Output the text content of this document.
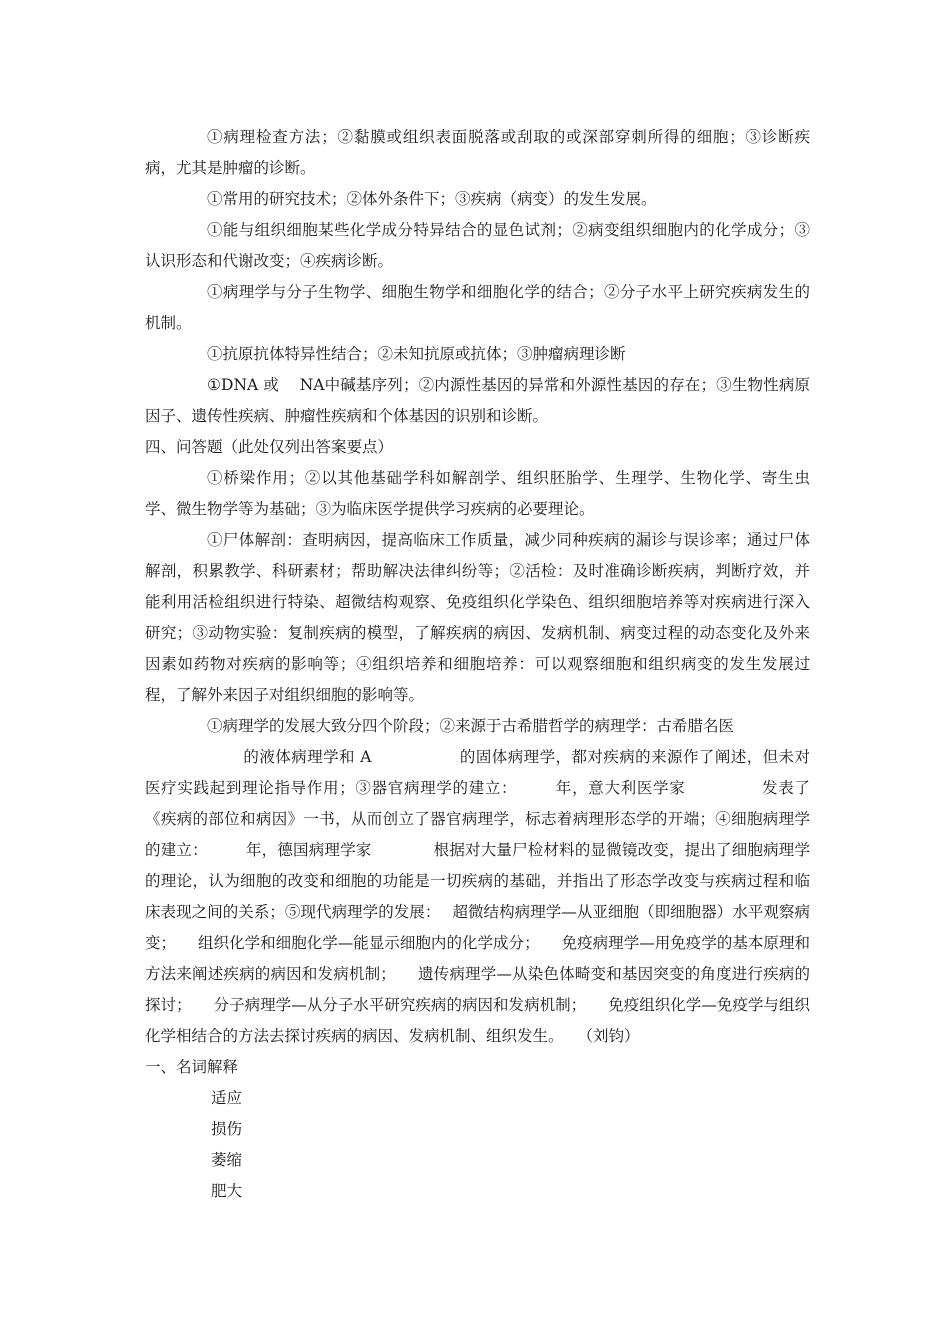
①病理检查方法；②黏膜或组织表面脱落或刮取的或深部穿刺所得的细胞；③诊断疾病，尤其是肿瘤的诊断。

①常用的研究技术；②体外条件下；③疾病（病变）的发生发展。

①能与组织细胞某些化学成分特异结合的显色试剂；②病变组织细胞内的化学成分；③认识形态和代谢改变；④疾病诊断。

①病理学与分子生物学、细胞生物学和细胞化学的结合；②分子水平上研究疾病发生的机制。

①抗原抗体特异性结合；②未知抗原或抗体；③肿瘤病理诊断

①DNA 或　 NA中碱基序列；②内源性基因的异常和外源性基因的存在；③生物性病原因子、遗传性疾病、肿瘤性疾病和个体基因的识别和诊断。

四、问答题（此处仅列出答案要点）

①桥梁作用；②以其他基础学科如解剖学、组织胚胎学、生理学、生物化学、寄生虫学、微生物学等为基础；③为临床医学提供学习疾病的必要理论。

①尸体解剖：查明病因，提高临床工作质量，减少同种疾病的漏诊与误诊率；通过尸体解剖，积累教学、科研素材；帮助解决法律纠纷等；②活检：及时准确诊断疾病，判断疗效，并能利用活检组织进行特染、超微结构观察、免疫组织化学染色、组织细胞培养等对疾病进行深入研究；③动物实验：复制疾病的模型，了解疾病的病因、发病机制、病变过程的动态变化及外来因素如药物对疾病的影响等；④组织培养和细胞培养：可以观察细胞和组织病变的发生发展过程，了解外来因子对组织细胞的影响等。

①病理学的发展大致分四个阶段；②来源于古希腊哲学的病理学：古希腊名医
的液体病理学和 A	的固体病理学，都对疾病的来源作了阐述，但未对医疗实践起到理论指导作用；③器官病理学的建立： 年，意大利医学家	发表了《疾病的部位和病因》一书，从而创立了器官病理学，标志着病理形态学的开端；④细胞病理学的建立： 年，德国病理学家	根据对大量尸检材料的显微镜改变，提出了细胞病理学的理论，认为细胞的改变和细胞的功能是一切疾病的基础，并指出了形态学改变与疾病过程和临床表现之间的关系；⑤现代病理学的发展： 超微结构病理学—从亚细胞（即细胞器）水平观察病变； 组织化学和细胞化学—能显示细胞内的化学成分； 免疫病理学—用免疫学的基本原理和方法来阐述疾病的病因和发病机制； 遗传病理学—从染色体畸变和基因突变的角度进行疾病的探讨； 分子病理学—从分子水平研究疾病的病因和发病机制； 免疫组织化学—免疫学与组织化学相结合的方法去探讨疾病的病因、发病机制、组织发生。 （刘钧）

一、名词解释

适应

损伤

萎缩

肥大
